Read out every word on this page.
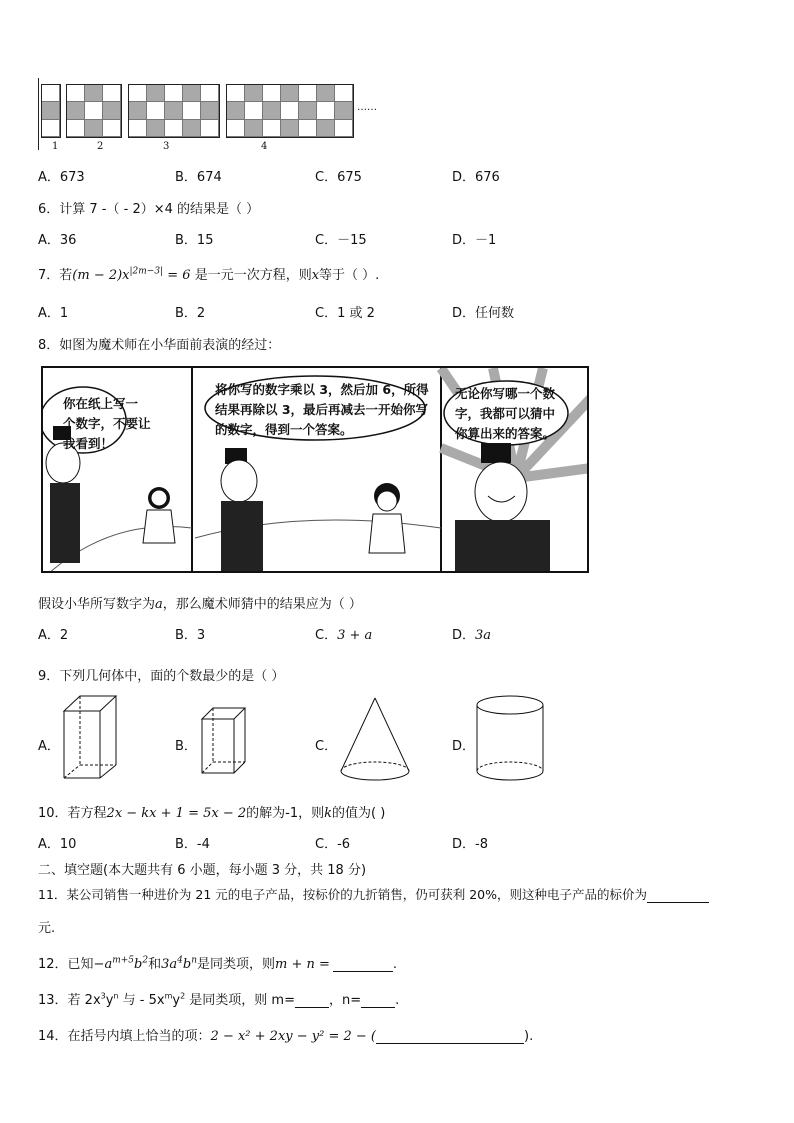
……
1	2	3	4
A．673	B．674	C．675	D．676
6．计算 7 -（ - 2）×4 的结果是（ ）
A．36	B．15	C．－15	D．－1
7．若$(m - 2)x^{|2m-3|} = 6$ 是一元一次方程，则x等于（ ）.
A．1	B．2	C．1 或 2	D．任何数
8．如图为魔术师在小华面前表演的经过：
你在纸上写一
个数字，不要让
我看到！
将你写的数字乘以 3，然后加 6，所得
结果再除以 3，最后再减去一开始你写
的数字，得到一个答案。
无论你写哪一个数
字，我都可以猜中
你算出来的答案。
假设小华所写数字为a，那么魔术师猜中的结果应为（ ）
A．2	B．3	C．3 + a	D．3a
9．下列几何体中，面的个数最少的是（ ）
A．	B．	C．	D．
10．若方程2x − kx + 1 = 5x − 2的解为-1，则k的值为( )
A．10	B．-4	C．-6	D．-8
二、填空题(本大题共有 6 小题，每小题 3 分，共 18 分)
11．某公司销售一种进价为 21 元的电子产品，按标价的九折销售，仍可获利 20%，则这种电子产品的标价为
元.
12．已知$-a^{m+5}b^2$和$3a^4b^n$是同类项，则m + n =	.
13．若 $2x^3y^n$ 与 - $5x^my^2$ 是同类项，则 m=	，n=	.
14．在括号内填上恰当的项：2 − x² + 2xy − y² = 2 − (	).
